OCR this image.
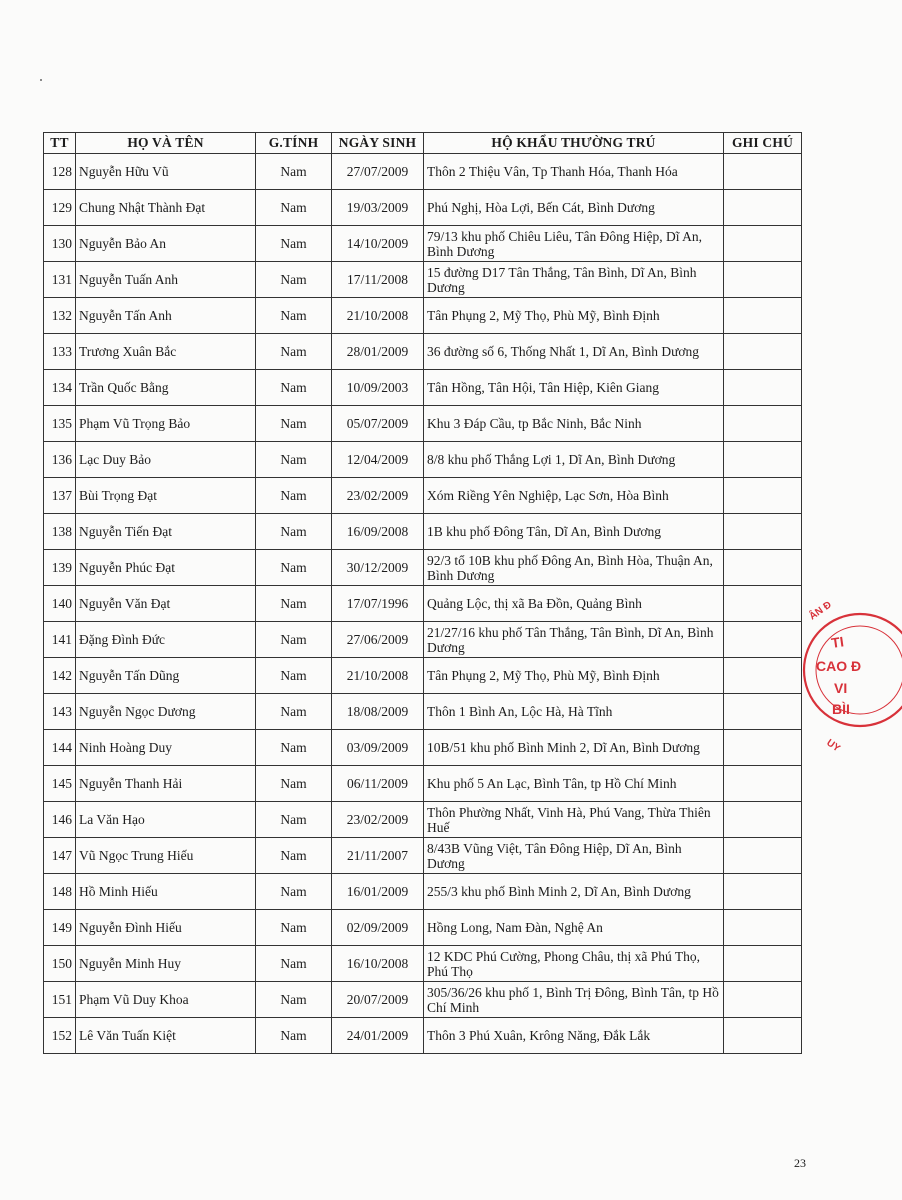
TT	HỌ VÀ TÊN	G.TÍNH	NGÀY SINH	HỘ KHẨU THƯỜNG TRÚ	GHI CHÚ
128	Nguyễn Hữu Vũ	Nam	27/07/2009	Thôn 2 Thiệu Vân, Tp Thanh Hóa, Thanh Hóa	
129	Chung Nhật Thành Đạt	Nam	19/03/2009	Phú Nghị, Hòa Lợi, Bến Cát, Bình Dương	
130	Nguyễn Bảo An	Nam	14/10/2009	79/13 khu phố Chiêu Liêu, Tân Đông Hiệp, Dĩ An, Bình Dương	
131	Nguyễn Tuấn Anh	Nam	17/11/2008	15 đường D17 Tân Thắng, Tân Bình, Dĩ An, Bình Dương	
132	Nguyễn Tấn Anh	Nam	21/10/2008	Tân Phụng 2, Mỹ Thọ, Phù Mỹ, Bình Định	
133	Trương Xuân Bắc	Nam	28/01/2009	36 đường số 6, Thống Nhất 1, Dĩ An, Bình Dương	
134	Trần Quốc Bằng	Nam	10/09/2003	Tân Hồng, Tân Hội, Tân Hiệp, Kiên Giang	
135	Phạm Vũ Trọng Bảo	Nam	05/07/2009	Khu 3 Đáp Cầu, tp Bắc Ninh, Bắc Ninh	
136	Lạc Duy Bảo	Nam	12/04/2009	8/8 khu phố Thắng Lợi 1, Dĩ An, Bình Dương	
137	Bùi Trọng Đạt	Nam	23/02/2009	Xóm Riềng Yên Nghiệp, Lạc Sơn, Hòa Bình	
138	Nguyễn Tiến Đạt	Nam	16/09/2008	1B khu phố Đông Tân, Dĩ An, Bình Dương	
139	Nguyễn Phúc Đạt	Nam	30/12/2009	92/3 tổ 10B khu phố Đông An, Bình Hòa, Thuận An, Bình Dương	
140	Nguyễn Văn Đạt	Nam	17/07/1996	Quảng Lộc, thị xã Ba Đồn, Quảng Bình	
141	Đặng Đình Đức	Nam	27/06/2009	21/27/16 khu phố Tân Thắng, Tân Bình, Dĩ An, Bình Dương	
142	Nguyễn Tấn Dũng	Nam	21/10/2008	Tân Phụng 2, Mỹ Thọ, Phù Mỹ, Bình Định	
143	Nguyễn Ngọc Dương	Nam	18/08/2009	Thôn 1 Bình An, Lộc Hà, Hà Tĩnh	
144	Ninh Hoàng Duy	Nam	03/09/2009	10B/51 khu phố Bình Minh 2, Dĩ An, Bình Dương	
145	Nguyễn Thanh Hải	Nam	06/11/2009	Khu phố 5 An Lạc, Bình Tân, tp Hồ Chí Minh	
146	La Văn Hạo	Nam	23/02/2009	Thôn Phường Nhất, Vinh Hà, Phú Vang, Thừa Thiên Huế	
147	Vũ Ngọc Trung Hiếu	Nam	21/11/2007	8/43B Vũng Việt, Tân Đông Hiệp, Dĩ An, Bình Dương	
148	Hồ Minh Hiếu	Nam	16/01/2009	255/3 khu phố Bình Minh 2, Dĩ An, Bình Dương	
149	Nguyễn Đình Hiếu	Nam	02/09/2009	Hồng Long, Nam Đàn, Nghệ An	
150	Nguyễn Minh Huy	Nam	16/10/2008	12 KDC Phú Cường, Phong Châu, thị xã Phú Thọ, Phú Thọ	
151	Phạm Vũ Duy Khoa	Nam	20/07/2009	305/36/26 khu phố 1, Bình Trị Đông, Bình Tân, tp Hồ Chí Minh	
152	Lê Văn Tuấn Kiệt	Nam	24/01/2009	Thôn 3 Phú Xuân, Krông Năng, Đắk Lắk	
23
TI
CAO Đ
VI
BÌI
ÂN Đ
UY
